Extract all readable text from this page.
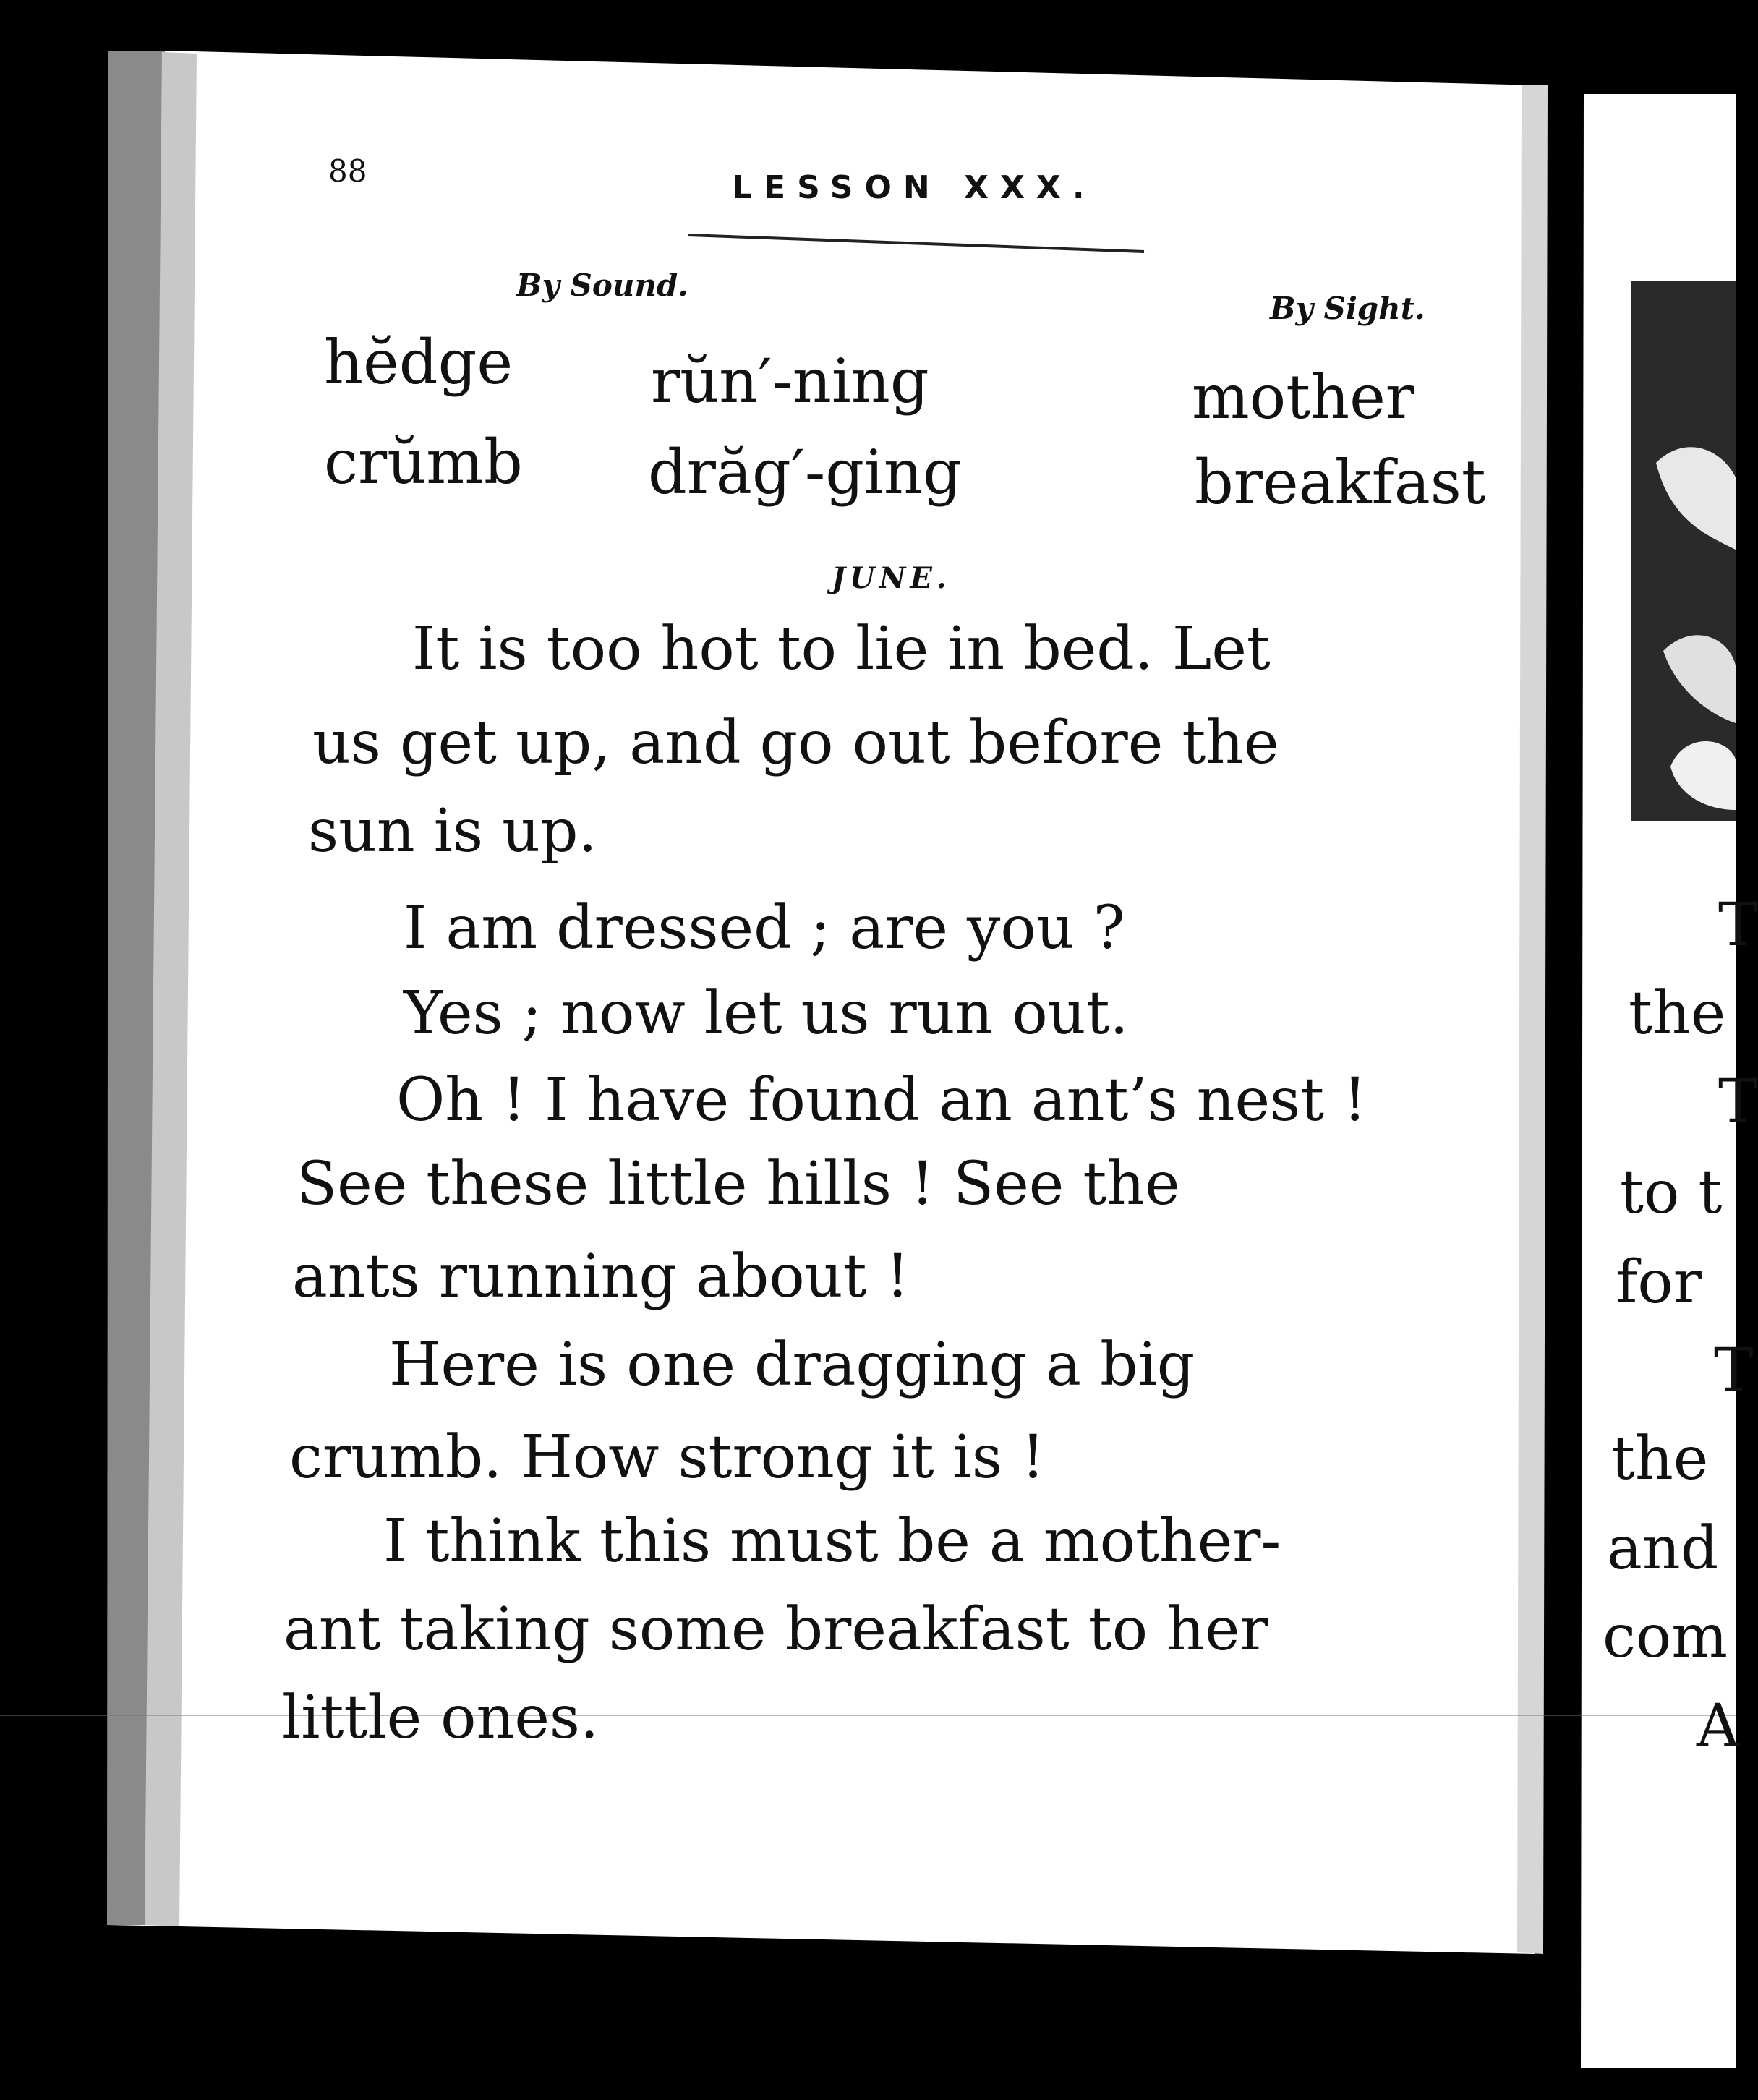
88	LESSON XXX.
By Sound.
By Sight.
hĕdge
crŭmb
rŭn′-ning
drăg′-ging
mother
breakfast
JUNE.
It is too hot to lie in bed. Let
us get up, and go out before the
sun is up.
I am dressed ; are you ?
Yes ; now let us run out.
Oh ! I have found an ant’s nest !
See these little hills ! See the
ants running about !
Here is one dragging a big
crumb. How strong it is !
I think this must be a mother-
ant taking some breakfast to her
little ones.
T
the
T
to t
for
T
the
and
com
A
